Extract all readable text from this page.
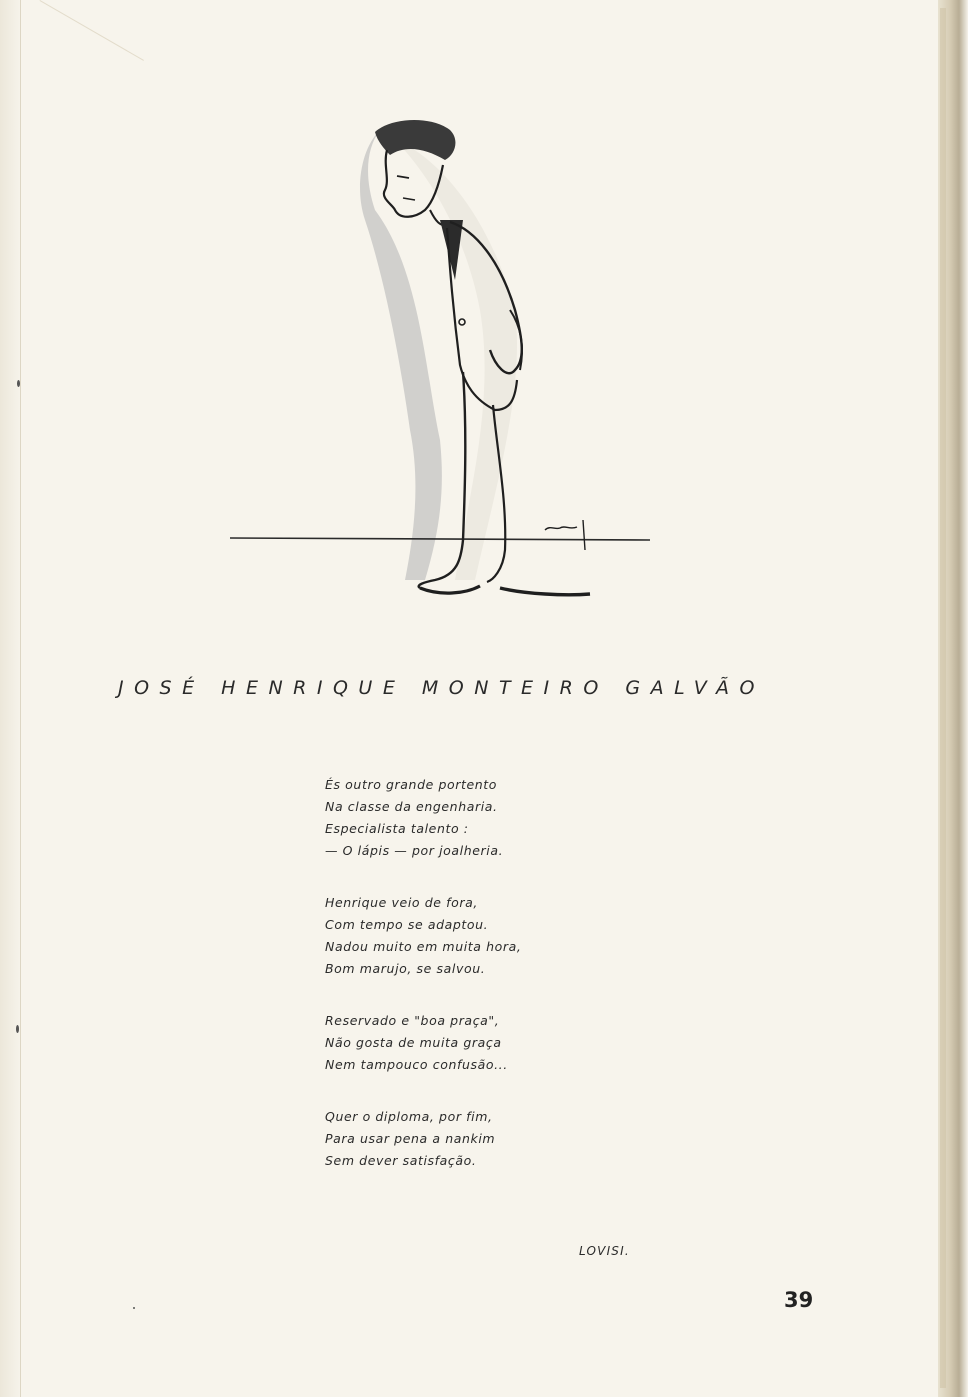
JOSÉ HENRIQUE MONTEIRO GALVÃO
És outro grande portento
Na classe da engenharia.
Especialista talento :
— O lápis — por joalheria.
Henrique veio de fora,
Com tempo se adaptou.
Nadou muito em muita hora,
Bom marujo, se salvou.
Reservado e "boa praça",
Não gosta de muita graça
Nem tampouco confusão...
Quer o diploma, por fim,
Para usar pena a nankim
Sem dever satisfação.
LOVISI.
39
